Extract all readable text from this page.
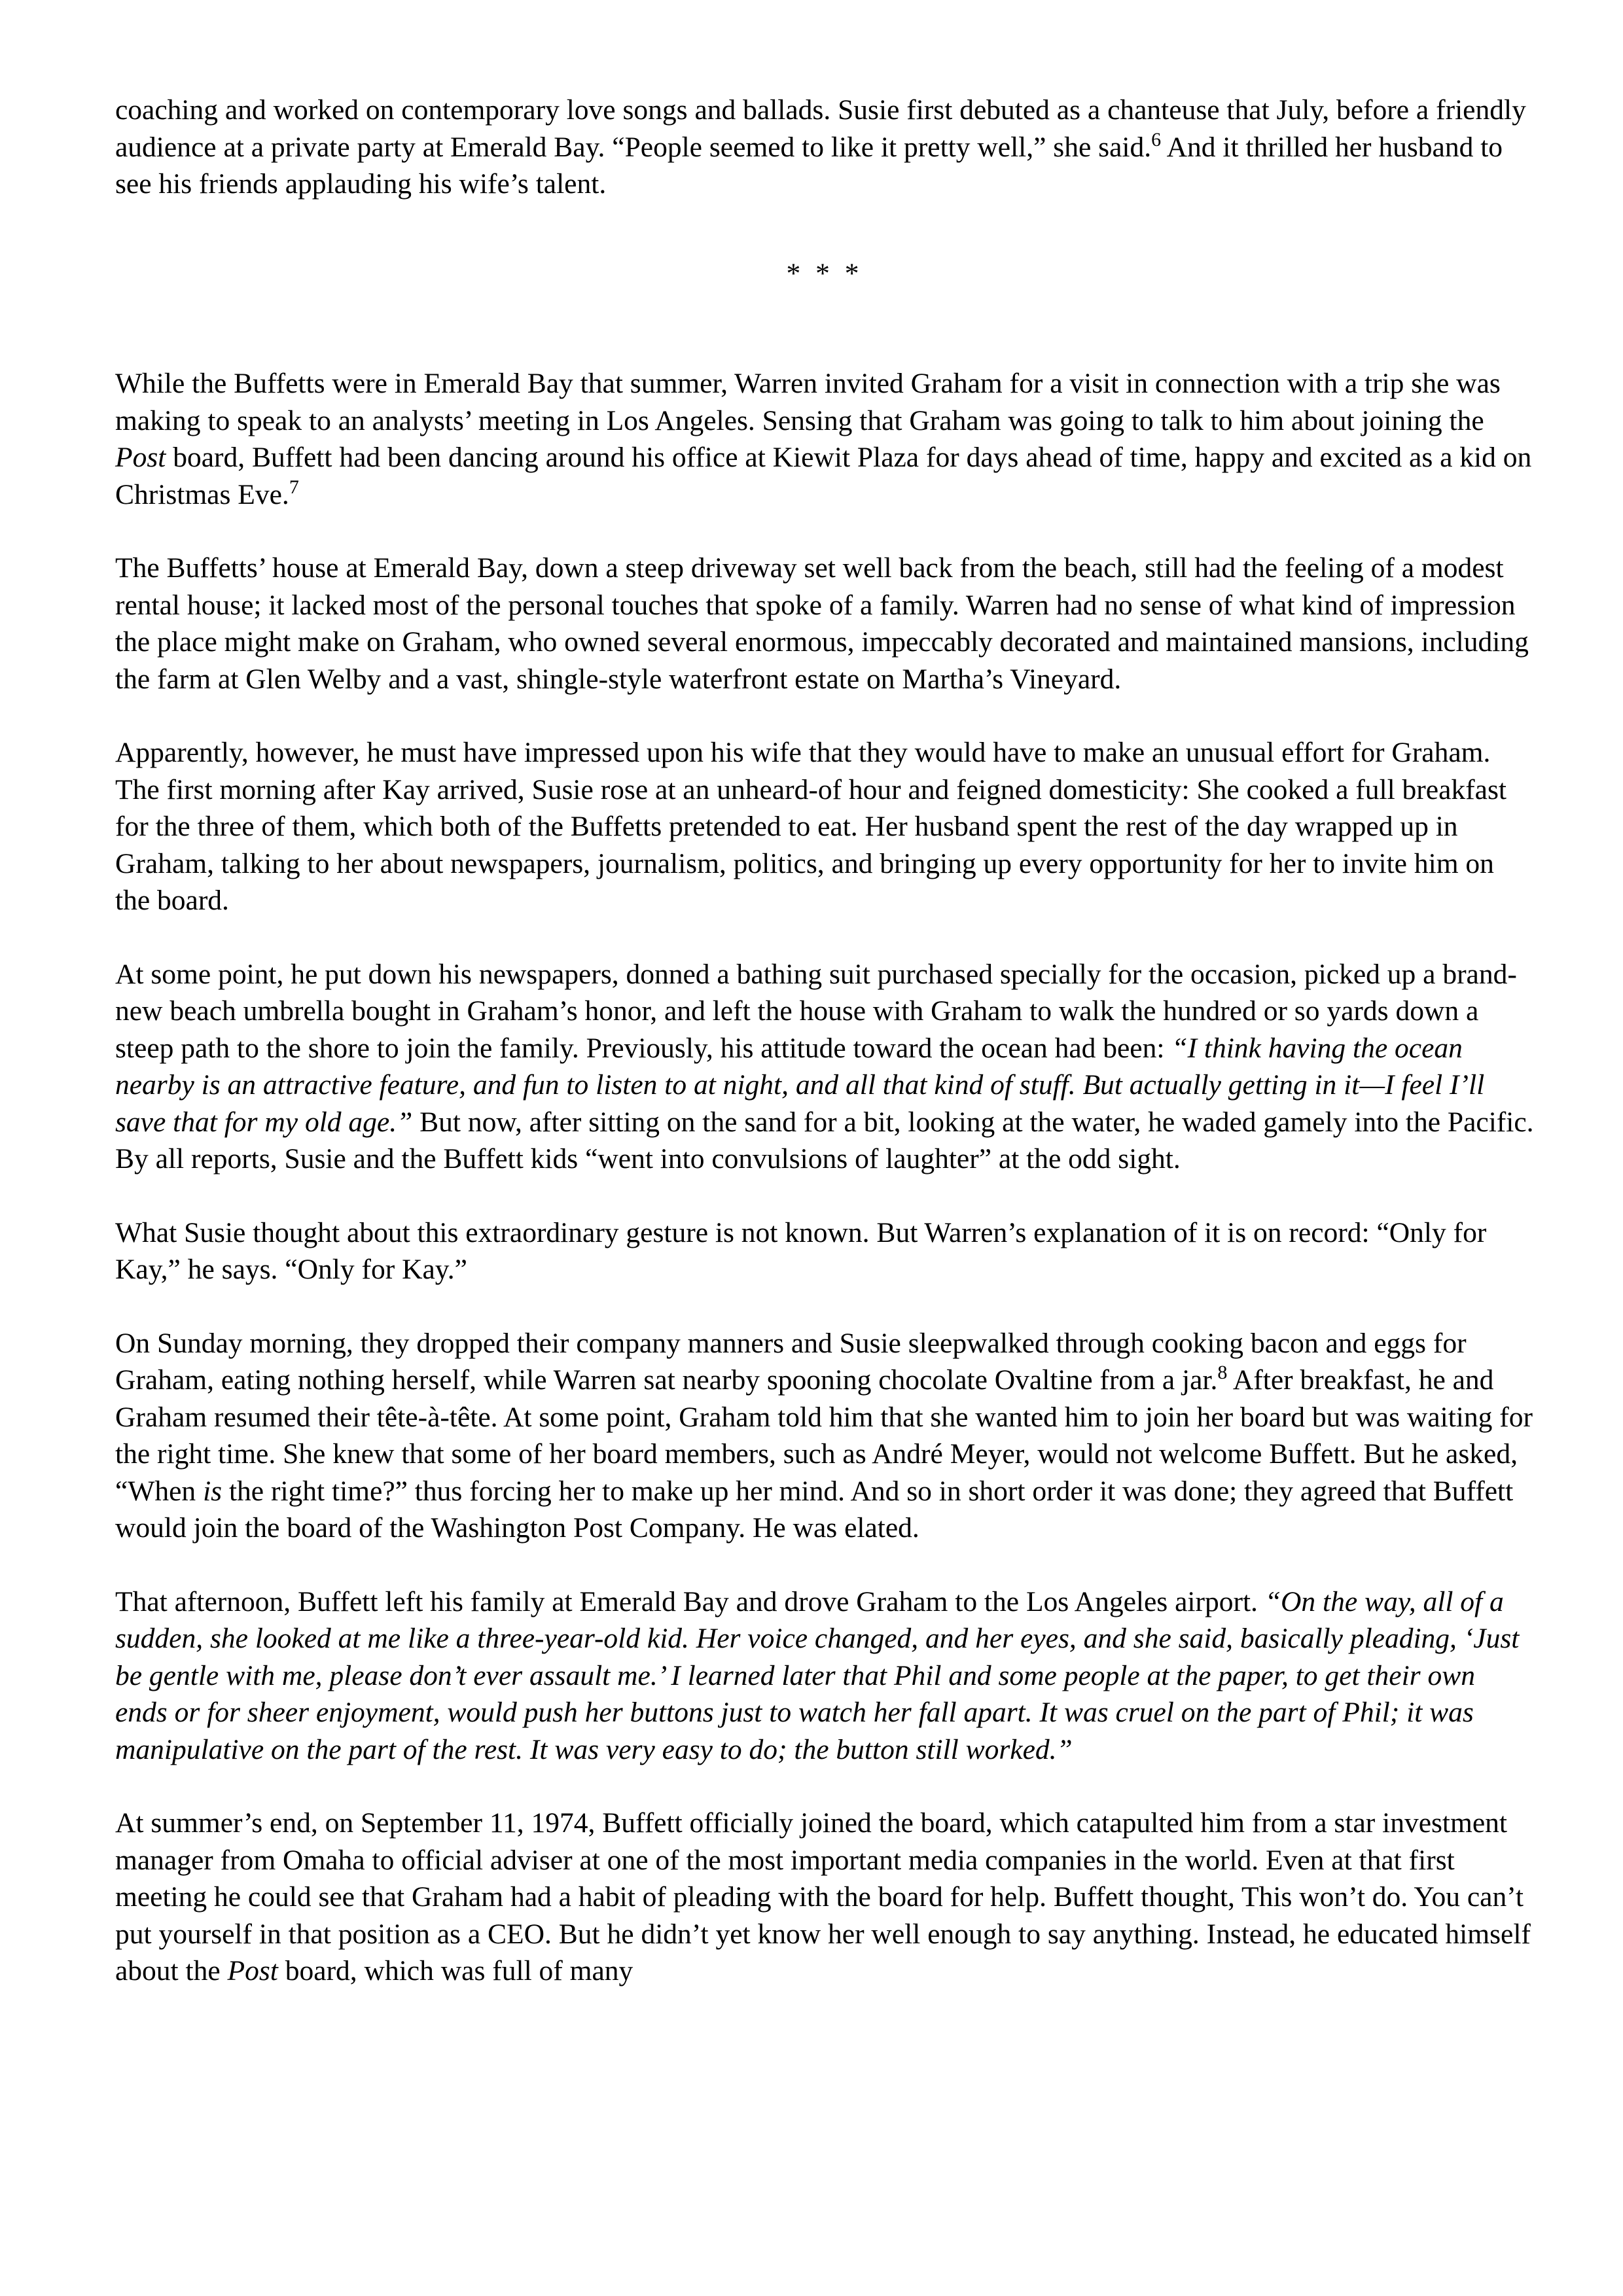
coaching and worked on contemporary love songs and ballads. Susie first debuted as a chanteuse that July, before a friendly audience at a private party at Emerald Bay. “People seemed to like it pretty well,” she said.$^6$ And it thrilled her husband to see his friends applauding his wife’s talent.

* * *

While the Buffetts were in Emerald Bay that summer, Warren invited Graham for a visit in connection with a trip she was making to speak to an analysts’ meeting in Los Angeles. Sensing that Graham was going to talk to him about joining the Post board, Buffett had been dancing around his office at Kiewit Plaza for days ahead of time, happy and excited as a kid on Christmas Eve.$^7$

The Buffetts’ house at Emerald Bay, down a steep driveway set well back from the beach, still had the feeling of a modest rental house; it lacked most of the personal touches that spoke of a family. Warren had no sense of what kind of impression the place might make on Graham, who owned several enormous, impeccably decorated and maintained mansions, including the farm at Glen Welby and a vast, shingle-style waterfront estate on Martha’s Vineyard.

Apparently, however, he must have impressed upon his wife that they would have to make an unusual effort for Graham. The first morning after Kay arrived, Susie rose at an unheard-of hour and feigned domesticity: She cooked a full breakfast for the three of them, which both of the Buffetts pretended to eat. Her husband spent the rest of the day wrapped up in Graham, talking to her about newspapers, journalism, politics, and bringing up every opportunity for her to invite him on the board.

At some point, he put down his newspapers, donned a bathing suit purchased specially for the occasion, picked up a brand-new beach umbrella bought in Graham’s honor, and left the house with Graham to walk the hundred or so yards down a steep path to the shore to join the family. Previously, his attitude toward the ocean had been: “I think having the ocean nearby is an attractive feature, and fun to listen to at night, and all that kind of stuff. But actually getting in it—I feel I’ll save that for my old age.” But now, after sitting on the sand for a bit, looking at the water, he waded gamely into the Pacific. By all reports, Susie and the Buffett kids “went into convulsions of laughter” at the odd sight.

What Susie thought about this extraordinary gesture is not known. But Warren’s explanation of it is on record: “Only for Kay,” he says. “Only for Kay.”

On Sunday morning, they dropped their company manners and Susie sleepwalked through cooking bacon and eggs for Graham, eating nothing herself, while Warren sat nearby spooning chocolate Ovaltine from a jar.$^8$ After breakfast, he and Graham resumed their tête-à-tête. At some point, Graham told him that she wanted him to join her board but was waiting for the right time. She knew that some of her board members, such as André Meyer, would not welcome Buffett. But he asked, “When is the right time?” thus forcing her to make up her mind. And so in short order it was done; they agreed that Buffett would join the board of the Washington Post Company. He was elated.

That afternoon, Buffett left his family at Emerald Bay and drove Graham to the Los Angeles airport. “On the way, all of a sudden, she looked at me like a three-year-old kid. Her voice changed, and her eyes, and she said, basically pleading, ‘Just be gentle with me, please don’t ever assault me.’ I learned later that Phil and some people at the paper, to get their own ends or for sheer enjoyment, would push her buttons just to watch her fall apart. It was cruel on the part of Phil; it was manipulative on the part of the rest. It was very easy to do; the button still worked.”

At summer’s end, on September 11, 1974, Buffett officially joined the board, which catapulted him from a star investment manager from Omaha to official adviser at one of the most important media companies in the world. Even at that first meeting he could see that Graham had a habit of pleading with the board for help. Buffett thought, This won’t do. You can’t put yourself in that position as a CEO. But he didn’t yet know her well enough to say anything. Instead, he educated himself about the Post board, which was full of many
